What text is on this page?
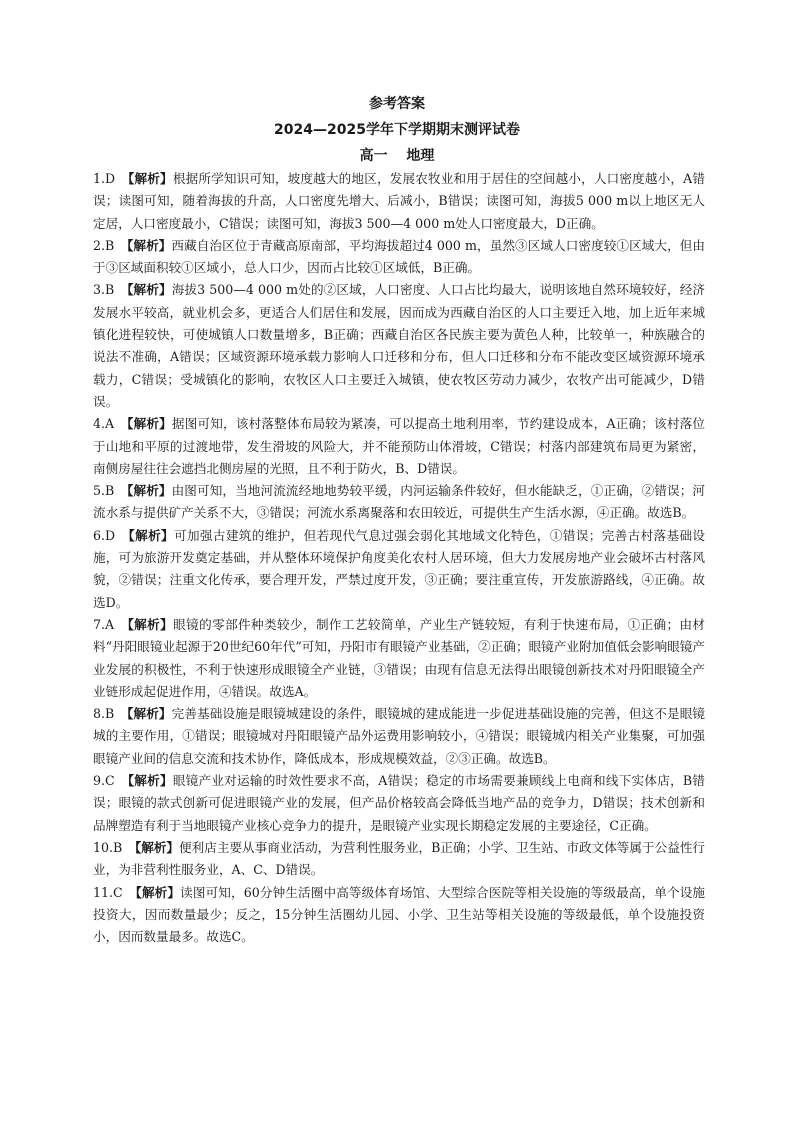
参考答案
2024—2025学年下学期期末测评试卷
高一　 地理

1.D　 【解析】根据所学知识可知，坡度越大的地区，发展农牧业和用于居住的空间越小，人口密度越小，A错误；读图可知，随着海拔的升高，人口密度先增大、后减小，B错误；读图可知，海拔5 000 m以上地区无人定居，人口密度最小，C错误；读图可知，海拔3 500—4 000 m处人口密度最大，D正确。

2.B　 【解析】西藏自治区位于青藏高原南部，平均海拔超过4 000 m，虽然③区域人口密度较①区域大，但由于③区域面积较①区域小，总人口少，因而占比较①区域低，B正确。

3.B　 【解析】海拔3 500—4 000 m处的②区域，人口密度、人口占比均最大，说明该地自然环境较好，经济发展水平较高，就业机会多，更适合人们居住和发展，因而成为西藏自治区的人口主要迁入地，加上近年来城镇化进程较快，可使城镇人口数量增多，B正确；西藏自治区各民族主要为黄色人种，比较单一，种族融合的说法不准确，A错误；区域资源环境承载力影响人口迁移和分布，但人口迁移和分布不能改变区域资源环境承载力，C错误；受城镇化的影响，农牧区人口主要迁入城镇，使农牧区劳动力减少，农牧产出可能减少，D错误。

4.A　 【解析】据图可知，该村落整体布局较为紧凑，可以提高土地利用率，节约建设成本，A正确；该村落位于山地和平原的过渡地带，发生滑坡的风险大，并不能预防山体滑坡，C错误；村落内部建筑布局更为紧密，南侧房屋往往会遮挡北侧房屋的光照，且不利于防火，B、D错误。

5.B　 【解析】由图可知，当地河流流经地地势较平缓，内河运输条件较好，但水能缺乏，①正确，②错误；河流水系与提供矿产关系不大，③错误；河流水系离聚落和农田较近，可提供生产生活水源，④正确。故选B。

6.D　 【解析】可加强古建筑的维护，但若现代气息过强会弱化其地域文化特色，①错误；完善古村落基础设施，可为旅游开发奠定基础，并从整体环境保护角度美化农村人居环境，但大力发展房地产业会破坏古村落风貌，②错误；注重文化传承，要合理开发，严禁过度开发，③正确；要注重宣传，开发旅游路线，④正确。故选D。

7.A　 【解析】眼镜的零部件种类较少，制作工艺较简单，产业生产链较短，有利于快速布局，①正确；由材料“丹阳眼镜业起源于20世纪60年代”可知，丹阳市有眼镜产业基础，②正确；眼镜产业附加值低会影响眼镜产业发展的积极性，不利于快速形成眼镜全产业链，③错误；由现有信息无法得出眼镜创新技术对丹阳眼镜全产业链形成起促进作用，④错误。故选A。

8.B　 【解析】完善基础设施是眼镜城建设的条件，眼镜城的建成能进一步促进基础设施的完善，但这不是眼镜城的主要作用，①错误；眼镜城对丹阳眼镜产品外运费用影响较小，④错误；眼镜城内相关产业集聚，可加强眼镜产业间的信息交流和技术协作，降低成本，形成规模效益，②③正确。故选B。

9.C　 【解析】眼镜产业对运输的时效性要求不高，A错误；稳定的市场需要兼顾线上电商和线下实体店，B错误；眼镜的款式创新可促进眼镜产业的发展，但产品价格较高会降低当地产品的竞争力，D错误；技术创新和品牌塑造有利于当地眼镜产业核心竞争力的提升，是眼镜产业实现长期稳定发展的主要途径，C正确。

10.B　 【解析】便利店主要从事商业活动，为营利性服务业，B正确；小学、卫生站、市政文体等属于公益性行业，为非营利性服务业，A、C、D错误。

11.C　 【解析】读图可知，60分钟生活圈中高等级体育场馆、大型综合医院等相关设施的等级最高，单个设施投资大，因而数量最少；反之，15分钟生活圈幼儿园、小学、卫生站等相关设施的等级最低，单个设施投资小，因而数量最多。故选C。
